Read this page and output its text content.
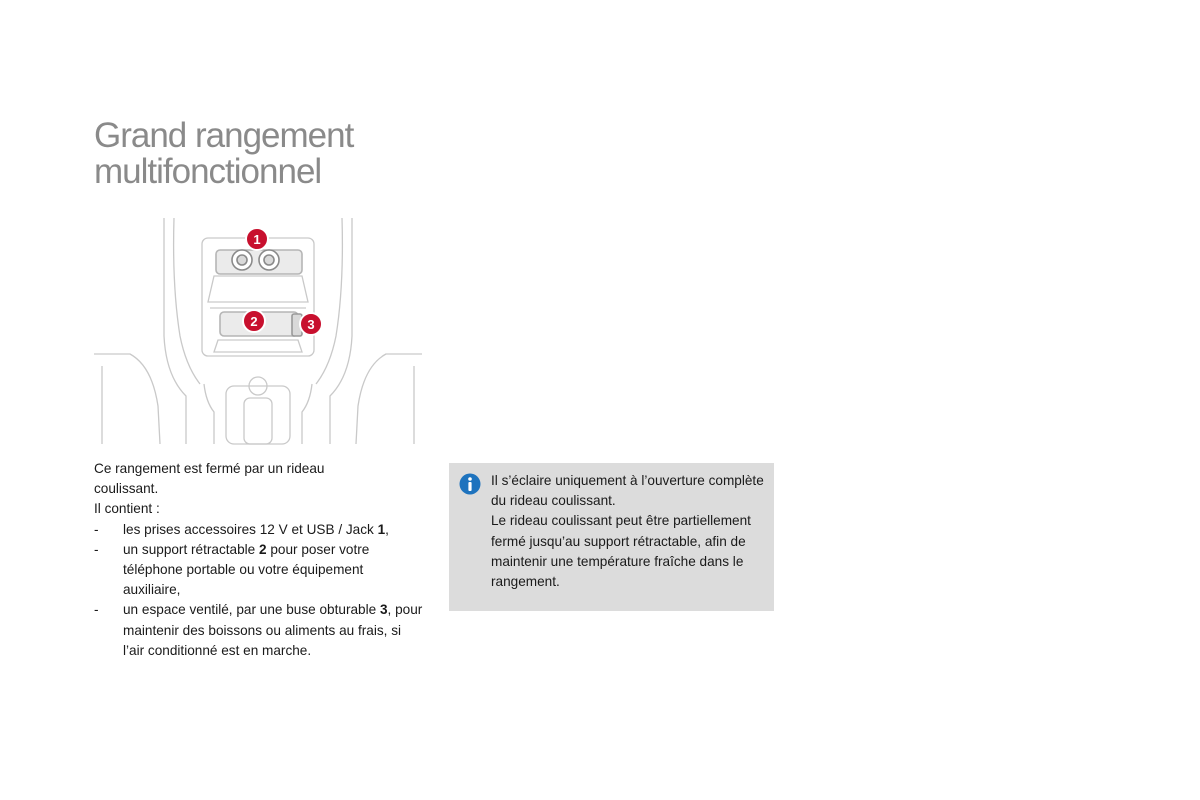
Grand rangement
multifonctionnel
1
2	3

Ce rangement est fermé par un rideau
coulissant.

Il contient :

- les prises accessoires 12 V et USB / Jack 1,
- un support rétractable 2 pour poser votre téléphone portable ou votre équipement auxiliaire,
- un espace ventilé, par une buse obturable 3, pour maintenir des boissons ou aliments au frais, si l’air conditionné est en marche.

Il s’éclaire uniquement à l’ouverture complète du rideau coulissant.

Le rideau coulissant peut être partiellement fermé jusqu’au support rétractable, afin de maintenir une température fraîche dans le rangement.
